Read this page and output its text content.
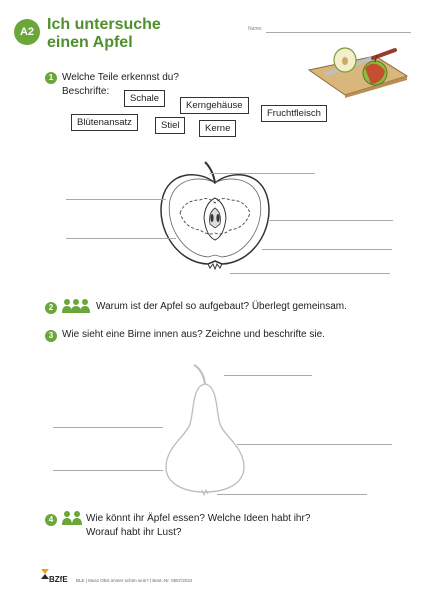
A2 Ich untersuche
einen Apfel
Name:
1 Welche Teile erkennst du?
Beschrifte:
Schale
Kerngehäuse
Fruchtfleisch
Blütenansatz	Stiel	Kerne
2	Warum ist der Apfel so aufgebaut? Überlegt gemeinsam.
3 Wie sieht eine Birne innen aus? Zeichne und beschrifte sie.
4	Wie könnt ihr Äpfel essen? Welche Ideen habt ihr?
Worauf habt ihr Lust?
BZfE BLE | Muss Obst immer schön sein? | Best.-Nr. 0557/2022
